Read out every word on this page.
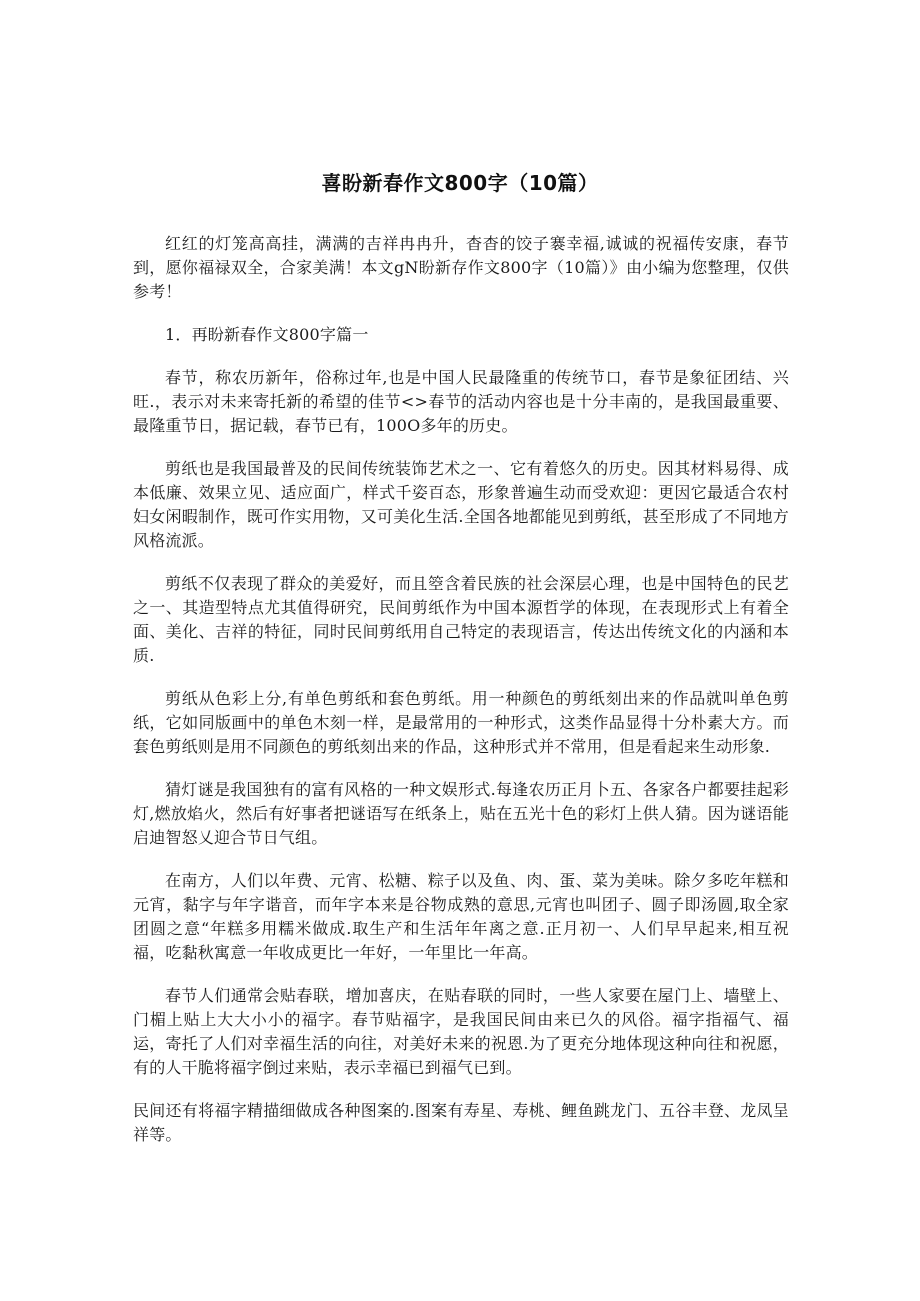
喜盼新春作文800字（10篇）

红红的灯笼高高挂，满满的吉祥冉冉升，杳杳的饺子褰幸福,诚诚的祝福传安康，春节到，愿你福禄双全，合家美满！本文gN盼新存作文800字（10篇）》由小编为您整理，仅供参考！

1．再盼新春作文800字篇一

春节，称农历新年，俗称过年,也是中国人民最隆重的传统节口，春节是象征团结、兴旺.，表示对未来寄托新的希望的佳节<>春节的活动内容也是十分丰南的，是我国最重要、最隆重节日，据记载，春节已有，100O多年的历史。

剪纸也是我国最普及的民间传统装饰艺术之一、它有着悠久的历史。因其材料易得、成本低廉、效果立见、适应面广，样式千姿百态，形象普遍生动而受欢迎：更因它最适合农村妇女闲暇制作，既可作实用物，又可美化生活.全国各地都能见到剪纸，甚至形成了不同地方风格流派。

剪纸不仅表现了群众的美爱好，而且箜含着民族的社会深层心理，也是中国特色的民艺之一、其造型特点尤其值得研究，民间剪纸作为中国本源哲学的体现，在表现形式上有着全面、美化、吉祥的特征，同时民间剪纸用自己特定的表现语言，传达出传统文化的内涵和本质.

剪纸从色彩上分,有单色剪纸和套色剪纸。用一种颜色的剪纸刻出来的作品就叫单色剪纸，它如同版画中的单色木刻一样，是最常用的一种形式，这类作品显得十分朴素大方。而套色剪纸则是用不同颜色的剪纸刻出来的作品，这种形式并不常用，但是看起来生动形象.

猜灯谜是我国独有的富有风格的一种文娱形式.每逢农历正月卜五、各家各户都要挂起彩灯,燃放焰火，然后有好事者把谜语写在纸条上，贴在五光十色的彩灯上供人猜。因为谜语能启迪智怒乂迎合节日气组。

在南方，人们以年费、元宵、松糖、粽子以及鱼、肉、蛋、菜为美味。除夕多吃年糕和元宵，黏字与年字谐音，而年字本来是谷物成熟的意思,元宵也叫团子、圆子即汤圆,取全家团圆之意“年糕多用糯米做成.取生产和生活年年离之意.正月初一、人们早早起来,相互祝福，吃黏秋寓意一年收成更比一年好，一年里比一年高。

春节人们通常会贴春联，增加喜庆，在贴春联的同时，一些人家要在屋门上、墙壁上、门楣上贴上大大小小的福字。春节贴福字，是我国民间由来已久的风俗。福字指福气、福运，寄托了人们对幸福生活的向往，对美好未来的祝恩.为了更充分地体现这种向往和祝愿，有的人干脆将福字倒过来贴，表示幸福已到福气已到。

民间还有将福字精描细做成各种图案的.图案有寿星、寿桃、鲤鱼跳龙门、五谷丰登、龙凤呈祥等。
